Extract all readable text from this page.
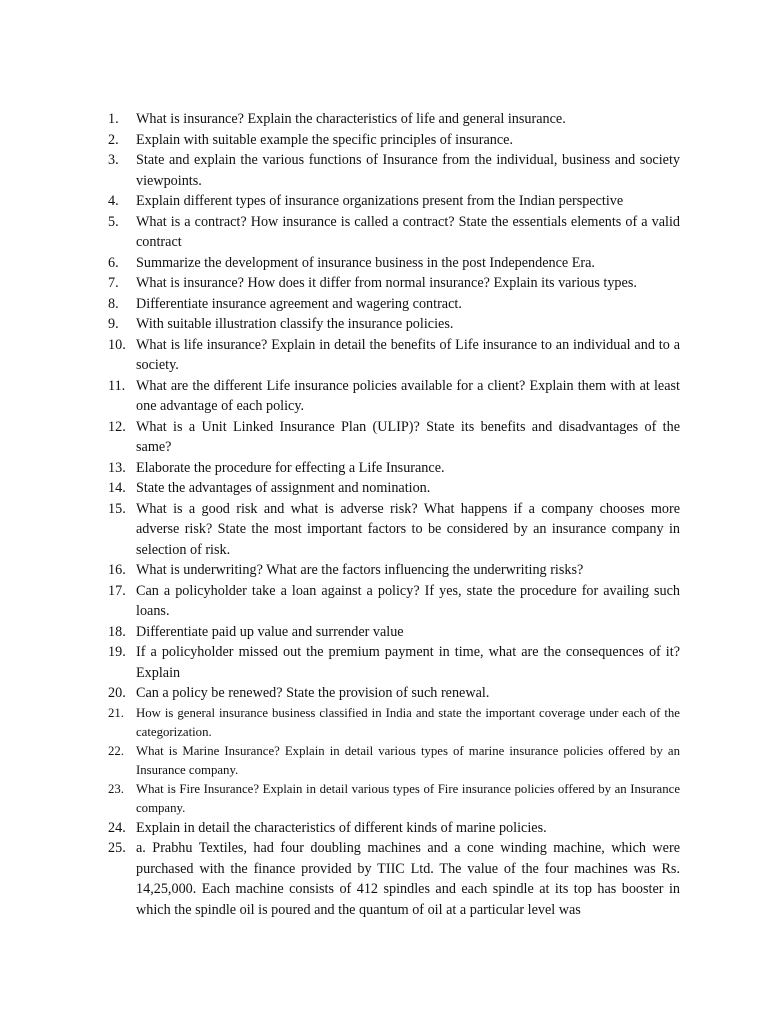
1.	What is insurance? Explain the characteristics of life and general insurance.
2.	Explain with suitable example the specific principles of insurance.
3.	State and explain the various functions of Insurance from the individual, business and society viewpoints.
4.	Explain different types of insurance organizations present from the Indian perspective
5.	What is a contract? How insurance is called a contract? State the essentials elements of a valid contract
6.	Summarize the development of insurance business in the post Independence Era.
7.	What is insurance? How does it differ from normal insurance? Explain its various types.
8.	Differentiate insurance agreement and wagering contract.
9.	With suitable illustration classify the insurance policies.
10. What is life insurance? Explain in detail the benefits of Life insurance to an individual and to a society.
11. What are the different Life insurance policies available for a client? Explain them with at least one advantage of each policy.
12. What is a Unit Linked Insurance Plan (ULIP)? State its benefits and disadvantages of the same?
13. Elaborate the procedure for effecting a Life Insurance.
14. State the advantages of assignment and nomination.
15. What is a good risk and what is adverse risk? What happens if a company chooses more adverse risk? State the most important factors to be considered by an insurance company in selection of risk.
16. What is underwriting? What are the factors influencing the underwriting risks?
17. Can a policyholder take a loan against a policy? If yes, state the procedure for availing such loans.
18. Differentiate paid up value and surrender value
19. If a policyholder missed out the premium payment in time, what are the consequences of it? Explain
20. Can a policy be renewed? State the provision of such renewal.
21. How is general insurance business classified in India and state the important coverage under each of the categorization.
22. What is Marine Insurance? Explain in detail various types of marine insurance policies offered by an Insurance company.
23. What is Fire Insurance? Explain in detail various types of Fire insurance policies offered by an Insurance company.
24. Explain in detail the characteristics of different kinds of marine policies.
25. a. Prabhu Textiles, had four doubling machines and a cone winding machine, which were purchased with the finance provided by TIIC Ltd. The value of the four machines was Rs. 14,25,000. Each machine consists of 412 spindles and each spindle at its top has booster in which the spindle oil is poured and the quantum of oil at a particular level was
